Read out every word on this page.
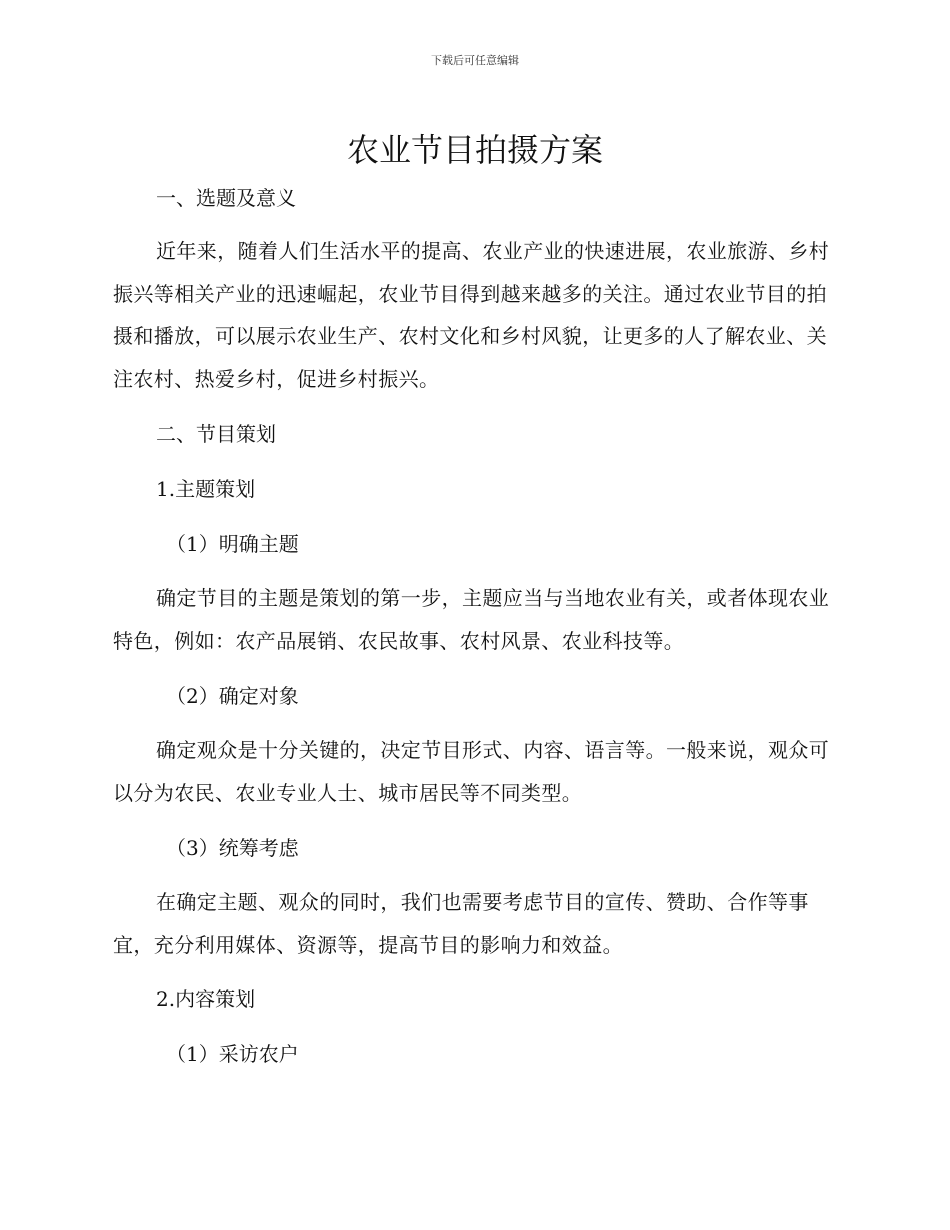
下载后可任意编辑
农业节目拍摄方案

一、选题及意义

近年来，随着人们生活水平的提高、农业产业的快速进展，农业旅游、乡村振兴等相关产业的迅速崛起，农业节目得到越来越多的关注。通过农业节目的拍摄和播放，可以展示农业生产、农村文化和乡村风貌，让更多的人了解农业、关注农村、热爱乡村，促进乡村振兴。

二、节目策划

1.主题策划

（1）明确主题

确定节目的主题是策划的第一步，主题应当与当地农业有关，或者体现农业特色，例如：农产品展销、农民故事、农村风景、农业科技等。

（2）确定对象

确定观众是十分关键的，决定节目形式、内容、语言等。一般来说，观众可以分为农民、农业专业人士、城市居民等不同类型。

（3）统筹考虑

在确定主题、观众的同时，我们也需要考虑节目的宣传、赞助、合作等事宜，充分利用媒体、资源等，提高节目的影响力和效益。

2.内容策划

（1）采访农户
